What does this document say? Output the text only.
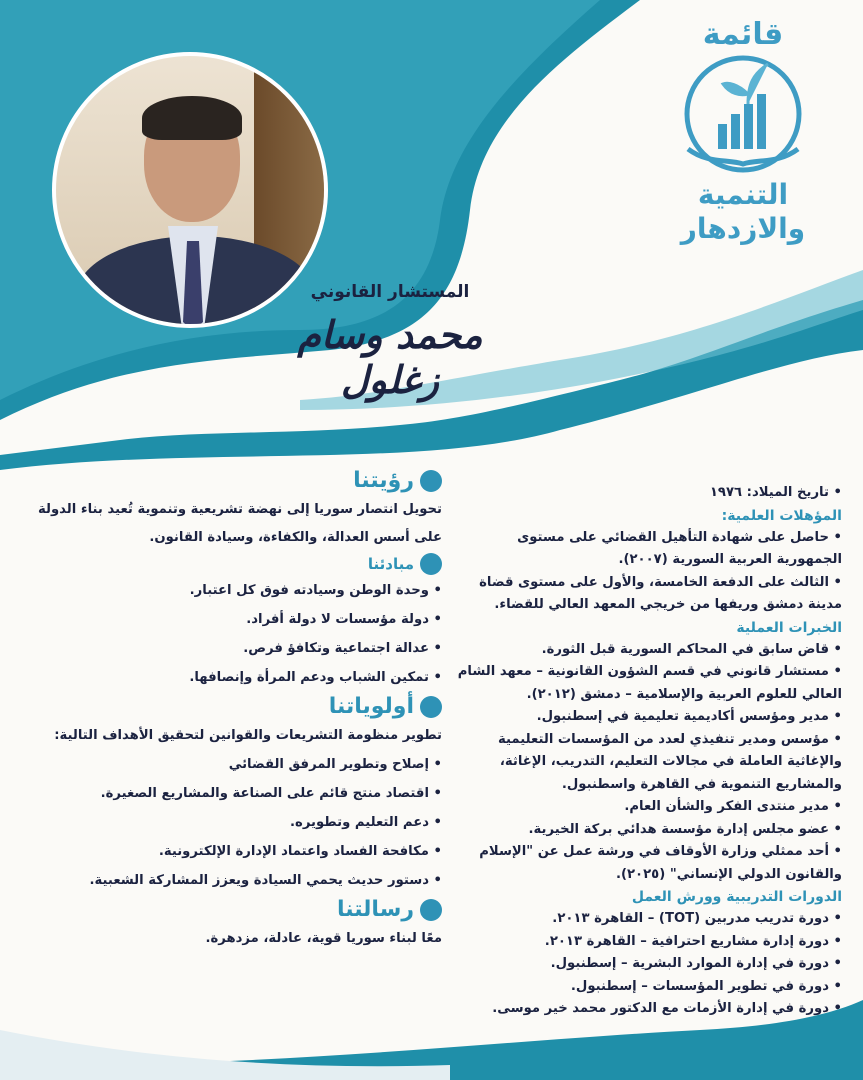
قائمة
التنمية والازدهار
المستشار القانوني
محمد وسام زغلول
• تاريخ الميلاد: ١٩٧٦
المؤهلات العلمية:
• حاصل على شهادة التأهيل القضائي على مستوى الجمهورية العربية السورية (٢٠٠٧).
• الثالث على الدفعة الخامسة، والأول على مستوى قضاة مدينة دمشق وريفها من خريجي المعهد العالي للقضاء.
الخبرات العملية
• قاض سابق في المحاكم السورية قبل الثورة.
• مستشار قانوني في قسم الشؤون القانونية – معهد الشام العالي للعلوم العربية والإسلامية – دمشق (٢٠١٢).
• مدير ومؤسس أكاديمية تعليمية في إسطنبول.
• مؤسس ومدير تنفيذي لعدد من المؤسسات التعليمية والإغاثية العاملة في مجالات التعليم، التدريب، الإغاثة، والمشاريع التنموية في القاهرة واسطنبول.
• مدير منتدى الفكر والشأن العام.
• عضو مجلس إدارة مؤسسة هدائي بركة الخيرية.
• أحد ممثلي وزارة الأوقاف في ورشة عمل عن "الإسلام والقانون الدولي الإنساني" (٢٠٢٥).
الدورات التدريبية وورش العمل
• دورة تدريب مدربين (TOT) – القاهرة ٢٠١٣.
• دورة إدارة مشاريع احترافية – القاهرة ٢٠١٣.
• دورة في إدارة الموارد البشرية – إسطنبول.
• دورة في تطوير المؤسسات – إسطنبول.
• دورة في إدارة الأزمات مع الدكتور محمد خير موسى.
رؤيتنا
تحويل انتصار سوريا إلى نهضة تشريعية وتنموية تُعيد بناء الدولة على أسس العدالة، والكفاءة، وسيادة القانون.
مبادئنا
• وحدة الوطن وسيادته فوق كل اعتبار.
• دولة مؤسسات لا دولة أفراد.
• عدالة اجتماعية وتكافؤ فرص.
• تمكين الشباب ودعم المرأة وإنصافها.
أولوياتنا
تطوير منظومة التشريعات والقوانين لتحقيق الأهداف التالية:
• إصلاح وتطوير المرفق القضائي
• اقتصاد منتج قائم على الصناعة والمشاريع الصغيرة.
• دعم التعليم وتطويره.
• مكافحة الفساد واعتماد الإدارة الإلكترونية.
• دستور حديث يحمي السيادة ويعزز المشاركة الشعبية.
رسالتنا
معًا لبناء سوريا قوية، عادلة، مزدهرة.
